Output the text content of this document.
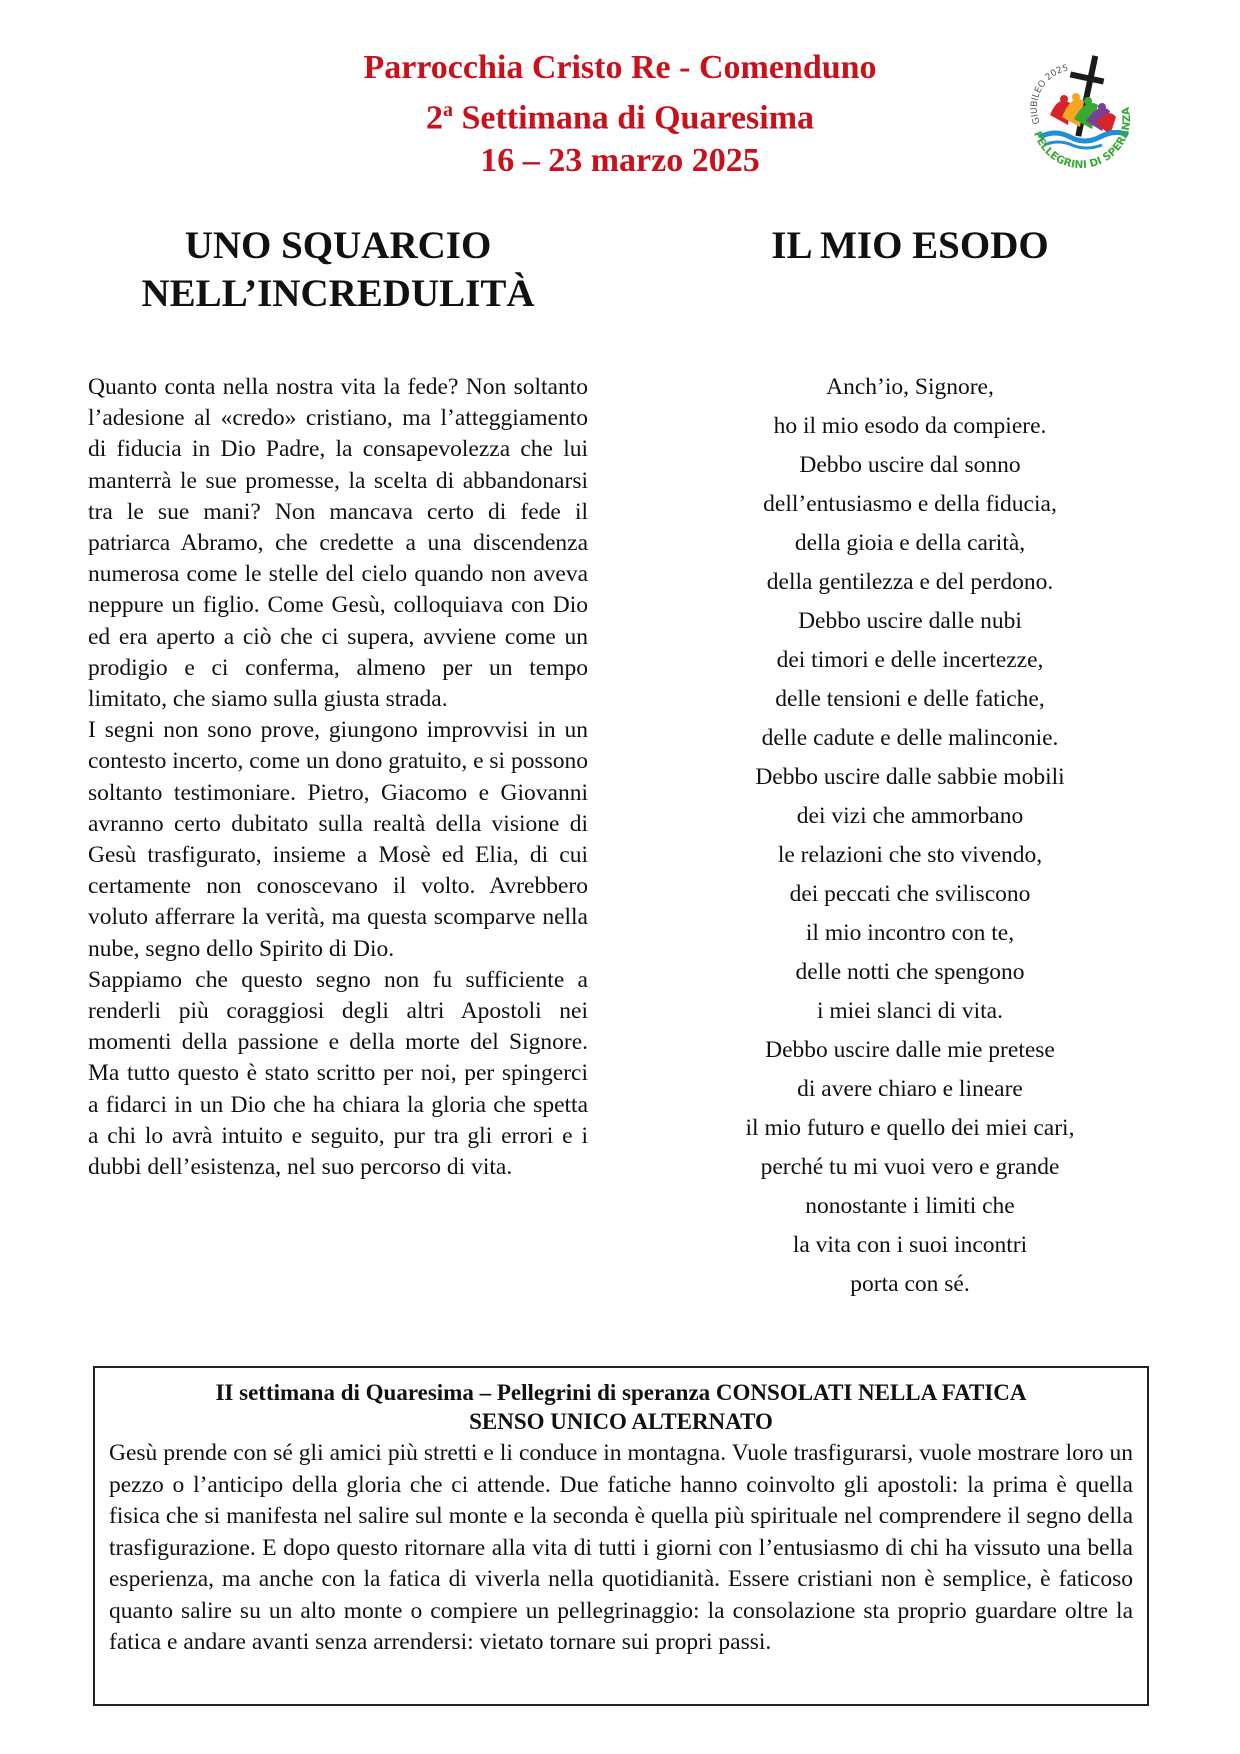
Parrocchia Cristo Re - Comenduno
2$^a$ Settimana di Quaresima
16 – 23 marzo 2025
GIUBILEO 2025
PELLEGRINI DI SPERANZA
UNO SQUARCIO
NELL’INCREDULITÀ

Quanto conta nella nostra vita la fede? Non soltanto l’adesione al «credo» cristiano, ma l’atteggiamento di fiducia in Dio Padre, la consapevolezza che lui manterrà le sue promesse, la scelta di abbandonarsi tra le sue mani? Non mancava certo di fede il patriarca Abramo, che credette a una discendenza numerosa come le stelle del cielo quando non aveva neppure un figlio. Come Gesù, colloquiava con Dio ed era aperto a ciò che ci supera, avviene come un prodigio e ci conferma, almeno per un tempo limitato, che siamo sulla giusta strada.

I segni non sono prove, giungono improvvisi in un contesto incerto, come un dono gratuito, e si possono soltanto testimoniare. Pietro, Giacomo e Giovanni avranno certo dubitato sulla realtà della visione di Gesù trasfigurato, insieme a Mosè ed Elia, di cui certamente non conoscevano il volto. Avrebbero voluto afferrare la verità, ma questa scomparve nella nube, segno dello Spirito di Dio.

Sappiamo che questo segno non fu sufficiente a renderli più coraggiosi degli altri Apostoli nei momenti della passione e della morte del Signore. Ma tutto questo è stato scritto per noi, per spingerci a fidarci in un Dio che ha chiara la gloria che spetta a chi lo avrà intuito e seguito, pur tra gli errori e i dubbi dell’esistenza, nel suo percorso di vita.

IL MIO ESODO
Anch’io, Signore,
ho il mio esodo da compiere.
Debbo uscire dal sonno
dell’entusiasmo e della fiducia,
della gioia e della carità,
della gentilezza e del perdono.
Debbo uscire dalle nubi
dei timori e delle incertezze,
delle tensioni e delle fatiche,
delle cadute e delle malinconie.
Debbo uscire dalle sabbie mobili
dei vizi che ammorbano
le relazioni che sto vivendo,
dei peccati che sviliscono
il mio incontro con te,
delle notti che spengono
i miei slanci di vita.
Debbo uscire dalle mie pretese
di avere chiaro e lineare
il mio futuro e quello dei miei cari,
perché tu mi vuoi vero e grande
nonostante i limiti che
la vita con i suoi incontri
porta con sé.
II settimana di Quaresima – Pellegrini di speranza CONSOLATI NELLA FATICA
SENSO UNICO ALTERNATO
Gesù prende con sé gli amici più stretti e li conduce in montagna. Vuole trasfigurarsi, vuole mostrare loro un pezzo o l’anticipo della gloria che ci attende. Due fatiche hanno coinvolto gli apostoli: la prima è quella fisica che si manifesta nel salire sul monte e la seconda è quella più spirituale nel comprendere il segno della trasfigurazione. E dopo questo ritornare alla vita di tutti i giorni con l’entusiasmo di chi ha vissuto una bella esperienza, ma anche con la fatica di viverla nella quotidianità. Essere cristiani non è semplice, è faticoso quanto salire su un alto monte o compiere un pellegrinaggio: la consolazione sta proprio guardare oltre la fatica e andare avanti senza arrendersi: vietato tornare sui propri passi.
